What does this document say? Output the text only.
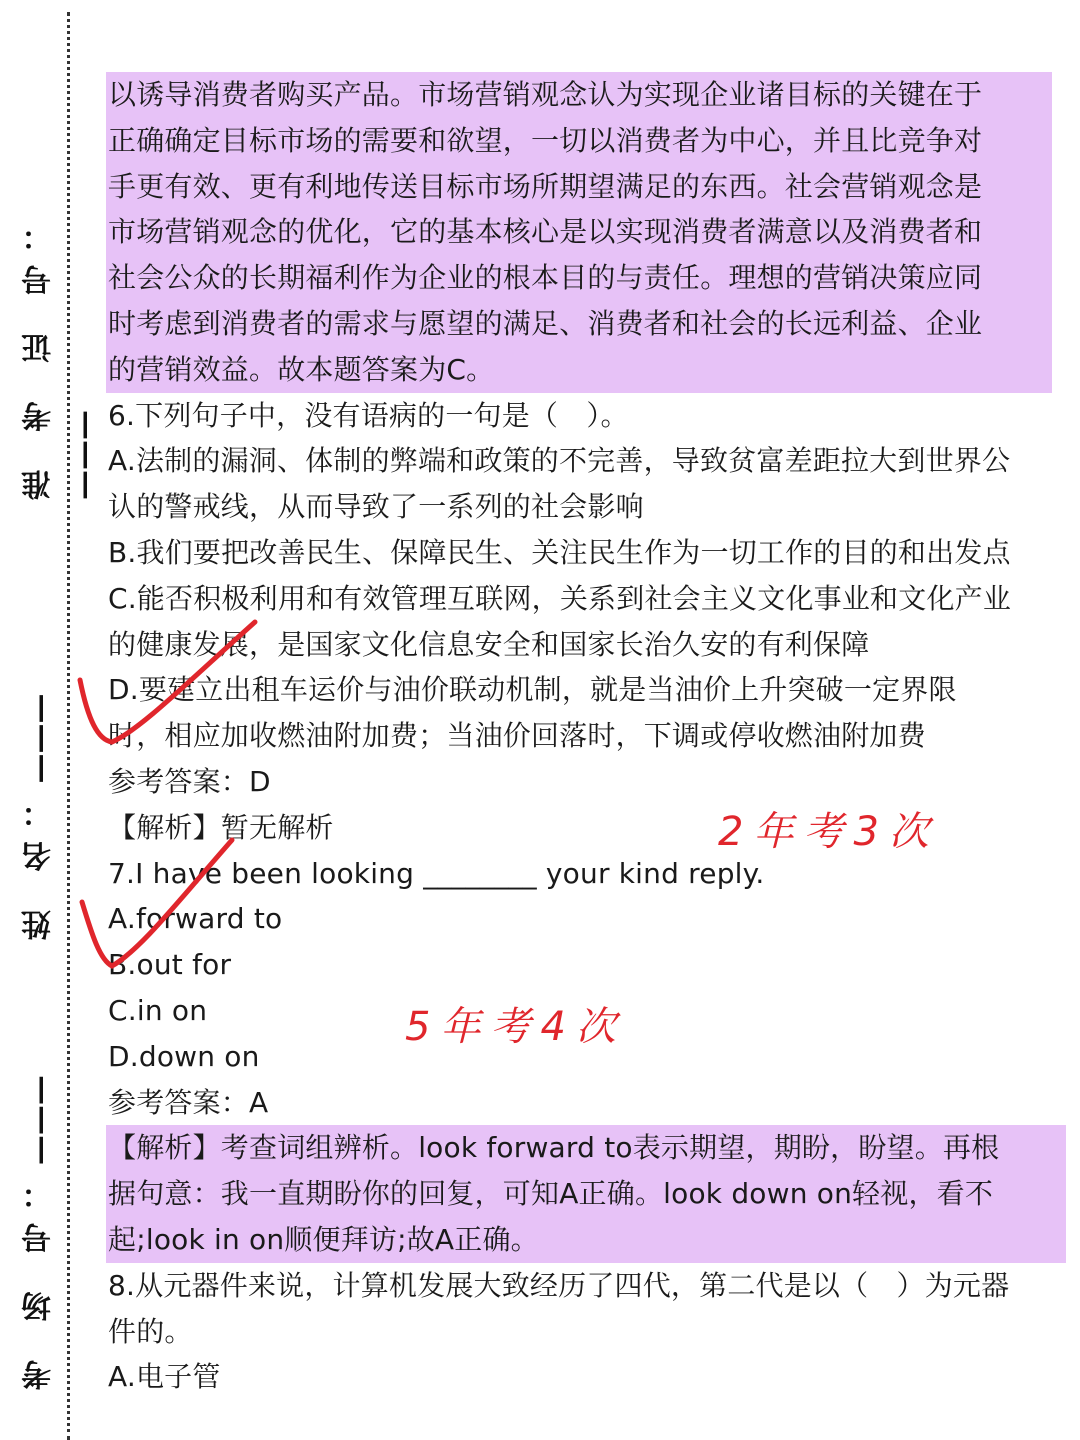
准 考 证 号： ———
姓 名：———
考 场 号：———
以诱导消费者购买产品。市场营销观念认为实现企业诸目标的关键在于
正确确定目标市场的需要和欲望，一切以消费者为中心，并且比竞争对
手更有效、更有利地传送目标市场所期望满足的东西。社会营销观念是
市场营销观念的优化，它的基本核心是以实现消费者满意以及消费者和
社会公众的长期福利作为企业的根本目的与责任。理想的营销决策应同
时考虑到消费者的需求与愿望的满足、消费者和社会的长远利益、企业
的营销效益。故本题答案为C。
6.下列句子中，没有语病的一句是（　）。
A.法制的漏洞、体制的弊端和政策的不完善，导致贫富差距拉大到世界公
认的警戒线，从而导致了一系列的社会影响
B.我们要把改善民生、保障民生、关注民生作为一切工作的目的和出发点
C.能否积极利用和有效管理互联网，关系到社会主义文化事业和文化产业
的健康发展，是国家文化信息安全和国家长治久安的有利保障
D.要建立出租车运价与油价联动机制，就是当油价上升突破一定界限
时，相应加收燃油附加费；当油价回落时，下调或停收燃油附加费
参考答案：D
【解析】暂无解析
7.I have been looking ________ your kind reply.
A.forward to
B.out for
C.in on
D.down on
参考答案：A
【解析】考查词组辨析。look forward to表示期望，期盼，盼望。再根
据句意：我一直期盼你的回复，可知A正确。look down on轻视，看不
起;look in on顺便拜访;故A正确。
8.从元器件来说，计算机发展大致经历了四代，第二代是以（　）为元器
件的。
A.电子管
2年考3次
5年考4次
